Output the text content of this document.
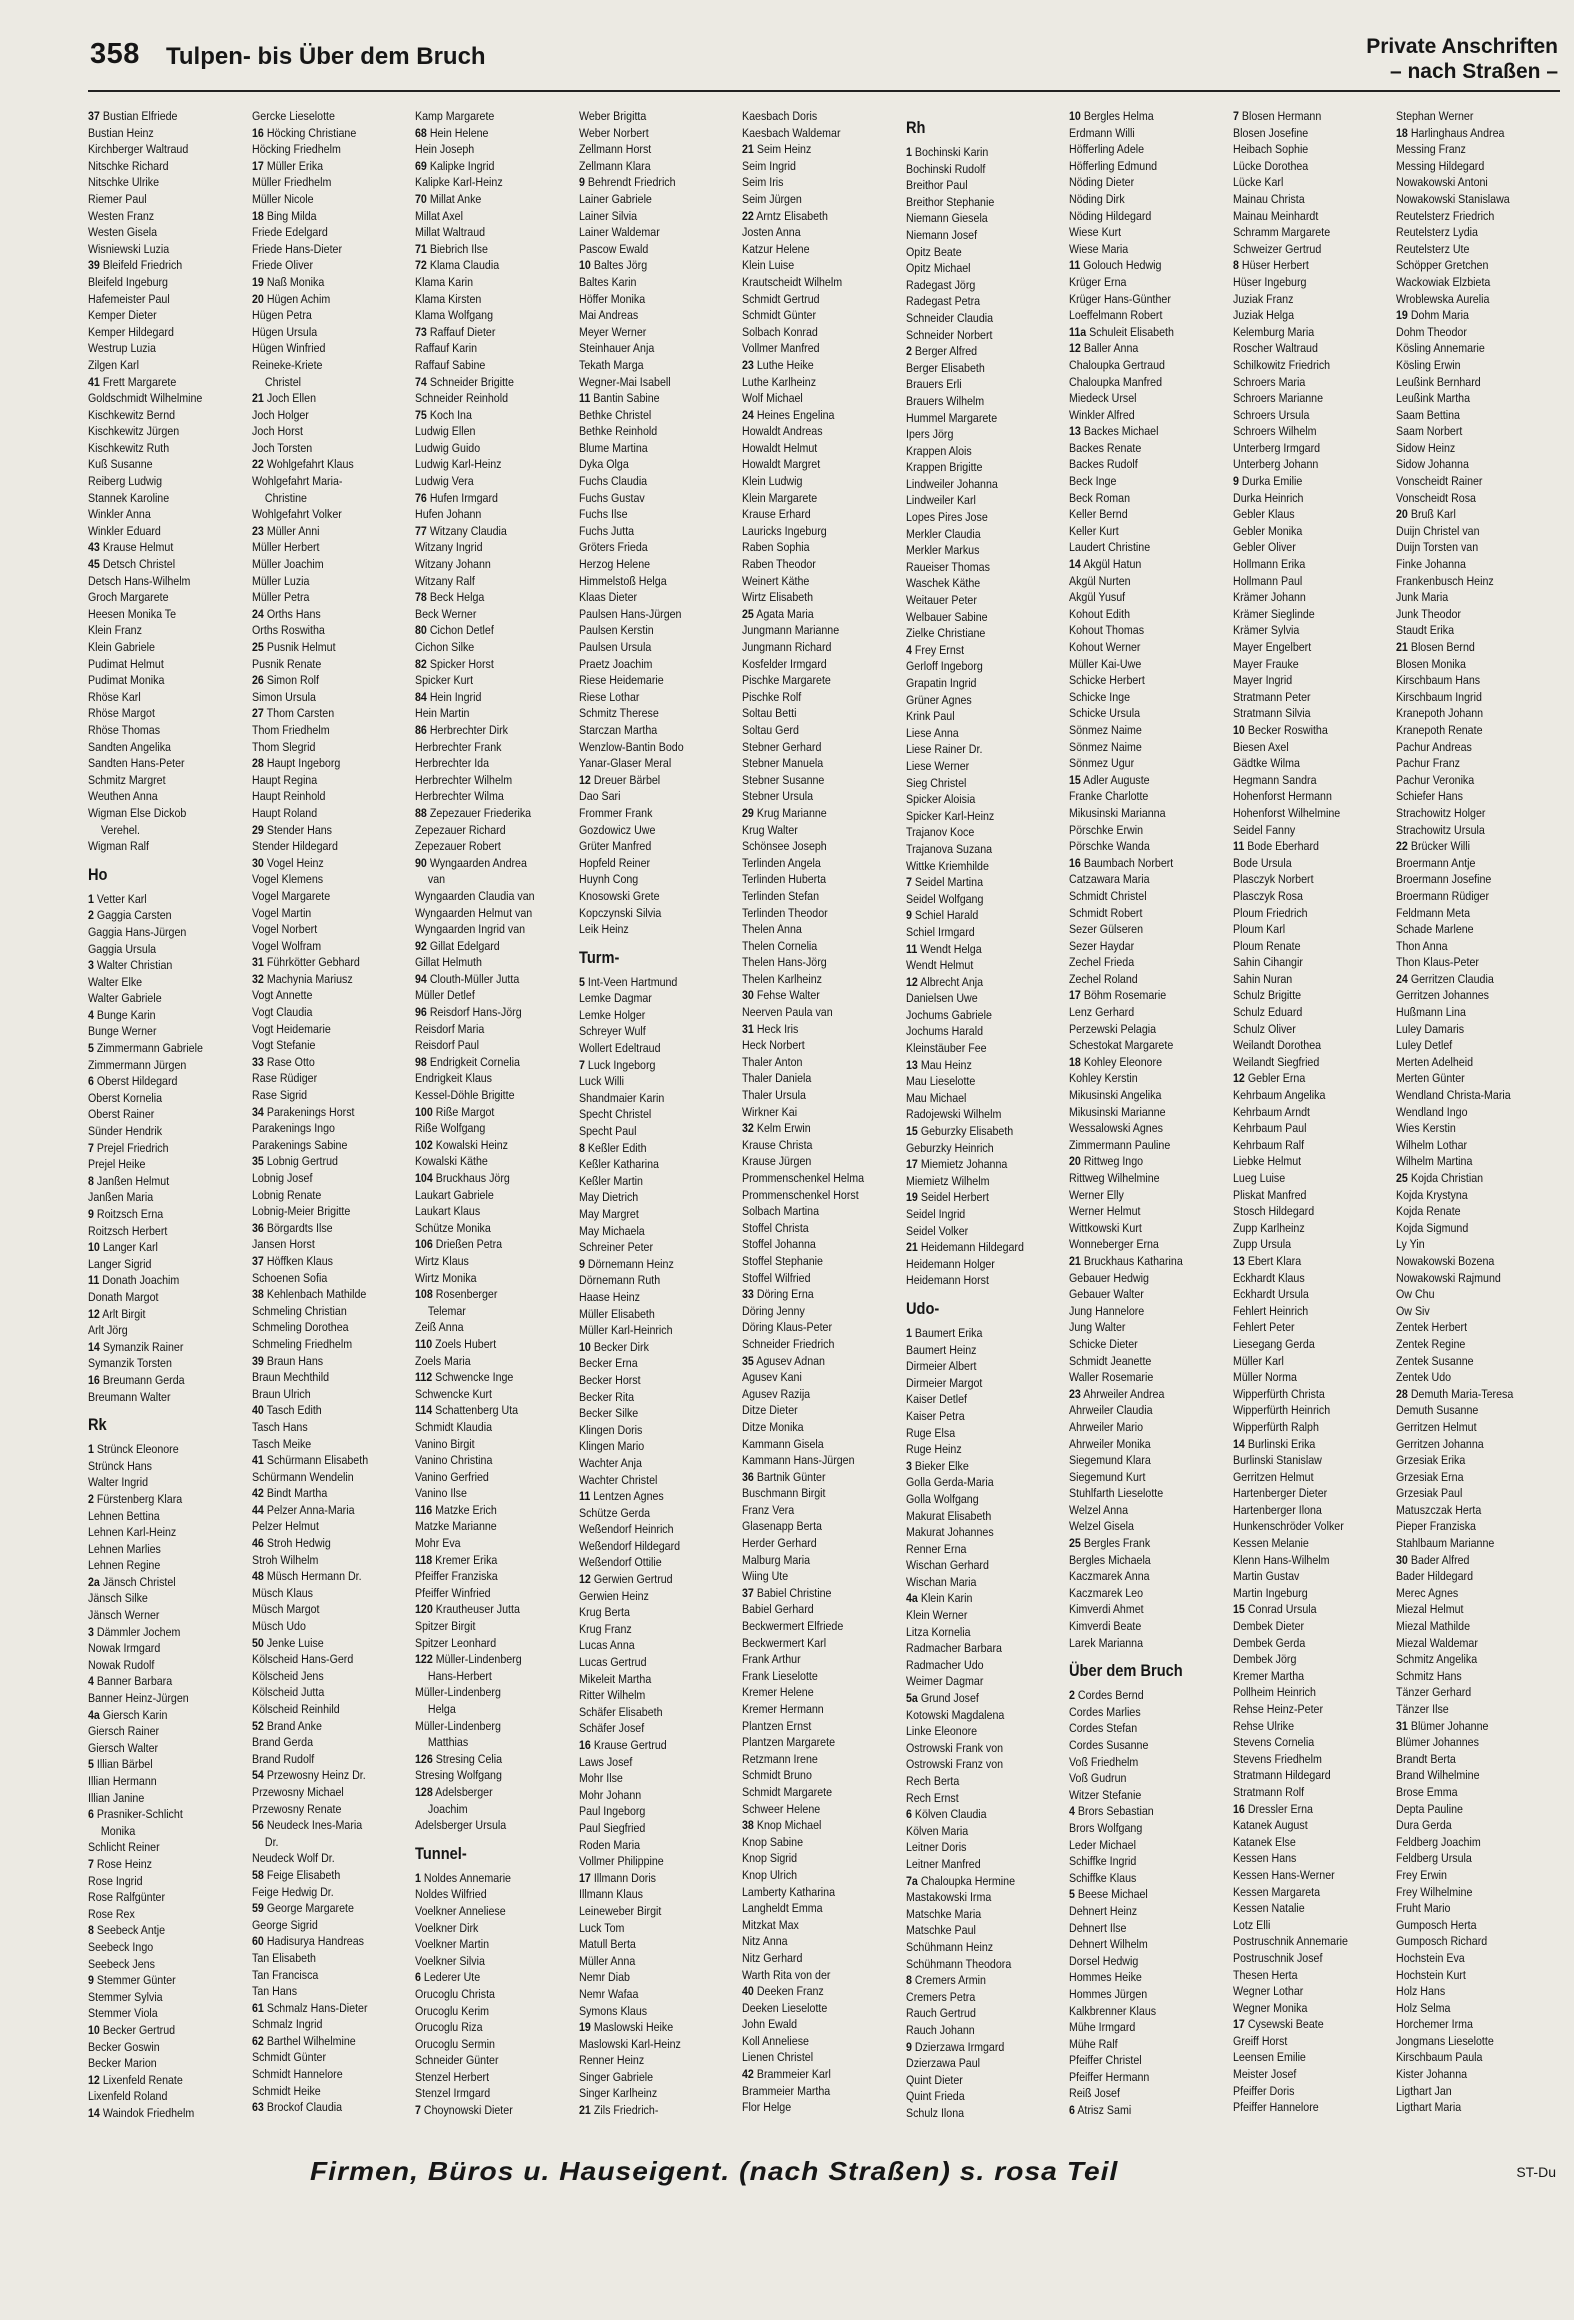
358 Tulpen- bis Über dem Bruch	Private Anschriften
– nach Straßen –
37 Bustian Elfriede
Bustian Heinz
Kirchberger Waltraud
Nitschke Richard
Nitschke Ulrike
Riemer Paul
Westen Franz
Westen Gisela
Wisniewski Luzia
39 Bleifeld Friedrich
Bleifeld Ingeburg
Hafemeister Paul
Kemper Dieter
Kemper Hildegard
Westrup Luzia
Zilgen Karl
41 Frett Margarete
Goldschmidt Wilhelmine
Kischkewitz Bernd
Kischkewitz Jürgen
Kischkewitz Ruth
Kuß Susanne
Reiberg Ludwig
Stannek Karoline
Winkler Anna
Winkler Eduard
43 Krause Helmut
45 Detsch Christel
Detsch Hans-Wilhelm
Groch Margarete
Heesen Monika Te
Klein Franz
Klein Gabriele
Pudimat Helmut
Pudimat Monika
Rhöse Karl
Rhöse Margot
Rhöse Thomas
Sandten Angelika
Sandten Hans-Peter
Schmitz Margret
Weuthen Anna
Wigman Else Dickob
Verehel.
Wigman Ralf
Ho
1 Vetter Karl
2 Gaggia Carsten
Gaggia Hans-Jürgen
Gaggia Ursula
3 Walter Christian
Walter Elke
Walter Gabriele
4 Bunge Karin
Bunge Werner
5 Zimmermann Gabriele
Zimmermann Jürgen
6 Oberst Hildegard
Oberst Kornelia
Oberst Rainer
Sünder Hendrik
7 Prejel Friedrich
Prejel Heike
8 Janßen Helmut
Janßen Maria
9 Roitzsch Erna
Roitzsch Herbert
10 Langer Karl
Langer Sigrid
11 Donath Joachim
Donath Margot
12 Arlt Birgit
Arlt Jörg
14 Symanzik Rainer
Symanzik Torsten
16 Breumann Gerda
Breumann Walter
Rk
1 Strünck Eleonore
Strünck Hans
Walter Ingrid
2 Fürstenberg Klara
Lehnen Bettina
Lehnen Karl-Heinz
Lehnen Marlies
Lehnen Regine
2a Jänsch Christel
Jänsch Silke
Jänsch Werner
3 Dämmler Jochem
Nowak Irmgard
Nowak Rudolf
4 Banner Barbara
Banner Heinz-Jürgen
4a Giersch Karin
Giersch Rainer
Giersch Walter
5 Illian Bärbel
Illian Hermann
Illian Janine
6 Prasniker-Schlicht
Monika
Schlicht Reiner
7 Rose Heinz
Rose Ingrid
Rose Ralfgünter
Rose Rex
8 Seebeck Antje
Seebeck Ingo
Seebeck Jens
9 Stemmer Günter
Stemmer Sylvia
Stemmer Viola
10 Becker Gertrud
Becker Goswin
Becker Marion
12 Lixenfeld Renate
Lixenfeld Roland
14 Waindok Friedhelm
Gercke Lieselotte
16 Höcking Christiane
Höcking Friedhelm
17 Müller Erika
Müller Friedhelm
Müller Nicole
18 Bing Milda
Friede Edelgard
Friede Hans-Dieter
Friede Oliver
19 Naß Monika
20 Hügen Achim
Hügen Petra
Hügen Ursula
Hügen Winfried
Reineke-Kriete
Christel
21 Joch Ellen
Joch Holger
Joch Horst
Joch Torsten
22 Wohlgefahrt Klaus
Wohlgefahrt Maria-
Christine
Wohlgefahrt Volker
23 Müller Anni
Müller Herbert
Müller Joachim
Müller Luzia
Müller Petra
24 Orths Hans
Orths Roswitha
25 Pusnik Helmut
Pusnik Renate
26 Simon Rolf
Simon Ursula
27 Thom Carsten
Thom Friedhelm
Thom Slegrid
28 Haupt Ingeborg
Haupt Regina
Haupt Reinhold
Haupt Roland
29 Stender Hans
Stender Hildegard
30 Vogel Heinz
Vogel Klemens
Vogel Margarete
Vogel Martin
Vogel Norbert
Vogel Wolfram
31 Führkötter Gebhard
32 Machynia Mariusz
Vogt Annette
Vogt Claudia
Vogt Heidemarie
Vogt Stefanie
33 Rase Otto
Rase Rüdiger
Rase Sigrid
34 Parakenings Horst
Parakenings Ingo
Parakenings Sabine
35 Lobnig Gertrud
Lobnig Josef
Lobnig Renate
Lobnig-Meier Brigitte
36 Börgardts Ilse
Jansen Horst
37 Höffken Klaus
Schoenen Sofia
38 Kehlenbach Mathilde
Schmeling Christian
Schmeling Dorothea
Schmeling Friedhelm
39 Braun Hans
Braun Mechthild
Braun Ulrich
40 Tasch Edith
Tasch Hans
Tasch Meike
41 Schürmann Elisabeth
Schürmann Wendelin
42 Bindt Martha
44 Pelzer Anna-Maria
Pelzer Helmut
46 Stroh Hedwig
Stroh Wilhelm
48 Müsch Hermann Dr.
Müsch Klaus
Müsch Margot
Müsch Udo
50 Jenke Luise
Kölscheid Hans-Gerd
Kölscheid Jens
Kölscheid Jutta
Kölscheid Reinhild
52 Brand Anke
Brand Gerda
Brand Rudolf
54 Przewosny Heinz Dr.
Przewosny Michael
Przewosny Renate
56 Neudeck Ines-Maria
Dr.
Neudeck Wolf Dr.
58 Feige Elisabeth
Feige Hedwig Dr.
59 George Margarete
George Sigrid
60 Hadisurya Handreas
Tan Elisabeth
Tan Francisca
Tan Hans
61 Schmalz Hans-Dieter
Schmalz Ingrid
62 Barthel Wilhelmine
Schmidt Günter
Schmidt Hannelore
Schmidt Heike
63 Brockof Claudia
Kamp Margarete
68 Hein Helene
Hein Joseph
69 Kalipke Ingrid
Kalipke Karl-Heinz
70 Millat Anke
Millat Axel
Millat Waltraud
71 Biebrich Ilse
72 Klama Claudia
Klama Karin
Klama Kirsten
Klama Wolfgang
73 Raffauf Dieter
Raffauf Karin
Raffauf Sabine
74 Schneider Brigitte
Schneider Reinhold
75 Koch Ina
Ludwig Ellen
Ludwig Guido
Ludwig Karl-Heinz
Ludwig Vera
76 Hufen Irmgard
Hufen Johann
77 Witzany Claudia
Witzany Ingrid
Witzany Johann
Witzany Ralf
78 Beck Helga
Beck Werner
80 Cichon Detlef
Cichon Silke
82 Spicker Horst
Spicker Kurt
84 Hein Ingrid
Hein Martin
86 Herbrechter Dirk
Herbrechter Frank
Herbrechter Ida
Herbrechter Wilhelm
Herbrechter Wilma
88 Zepezauer Friederika
Zepezauer Richard
Zepezauer Robert
90 Wyngaarden Andrea
van
Wyngaarden Claudia van
Wyngaarden Helmut van
Wyngaarden Ingrid van
92 Gillat Edelgard
Gillat Helmuth
94 Clouth-Müller Jutta
Müller Detlef
96 Reisdorf Hans-Jörg
Reisdorf Maria
Reisdorf Paul
98 Endrigkeit Cornelia
Endrigkeit Klaus
Kessel-Döhle Brigitte
100 Riße Margot
Riße Wolfgang
102 Kowalski Heinz
Kowalski Käthe
104 Bruckhaus Jörg
Laukart Gabriele
Laukart Klaus
Schütze Monika
106 Drießen Petra
Wirtz Klaus
Wirtz Monika
108 Rosenberger
Telemar
Zeiß Anna
110 Zoels Hubert
Zoels Maria
112 Schwencke Inge
Schwencke Kurt
114 Schattenberg Uta
Schmidt Klaudia
Vanino Birgit
Vanino Christina
Vanino Gerfried
Vanino Ilse
116 Matzke Erich
Matzke Marianne
Mohr Eva
118 Kremer Erika
Pfeiffer Franziska
Pfeiffer Winfried
120 Krautheuser Jutta
Spitzer Birgit
Spitzer Leonhard
122 Müller-Lindenberg
Hans-Herbert
Müller-Lindenberg
Helga
Müller-Lindenberg
Matthias
126 Stresing Celia
Stresing Wolfgang
128 Adelsberger
Joachim
Adelsberger Ursula
Tunnel-
1 Noldes Annemarie
Noldes Wilfried
Voelkner Anneliese
Voelkner Dirk
Voelkner Martin
Voelkner Silvia
6 Lederer Ute
Orucoglu Christa
Orucoglu Kerim
Orucoglu Riza
Orucoglu Sermin
Schneider Günter
Stenzel Herbert
Stenzel Irmgard
7 Choynowski Dieter
Weber Brigitta
Weber Norbert
Zellmann Horst
Zellmann Klara
9 Behrendt Friedrich
Lainer Gabriele
Lainer Silvia
Lainer Waldemar
Pascow Ewald
10 Baltes Jörg
Baltes Karin
Höffer Monika
Mai Andreas
Meyer Werner
Steinhauer Anja
Tekath Marga
Wegner-Mai Isabell
11 Bantin Sabine
Bethke Christel
Bethke Reinhold
Blume Martina
Dyka Olga
Fuchs Claudia
Fuchs Gustav
Fuchs Ilse
Fuchs Jutta
Gröters Frieda
Herzog Helene
Himmelstoß Helga
Klaas Dieter
Paulsen Hans-Jürgen
Paulsen Kerstin
Paulsen Ursula
Praetz Joachim
Riese Heidemarie
Riese Lothar
Schmitz Therese
Starczan Martha
Wenzlow-Bantin Bodo
Yanar-Glaser Meral
12 Dreuer Bärbel
Dao Sari
Frommer Frank
Gozdowicz Uwe
Grüter Manfred
Hopfeld Reiner
Huynh Cong
Knosowski Grete
Kopczynski Silvia
Leik Heinz
Turm-
5 Int-Veen Hartmund
Lemke Dagmar
Lemke Holger
Schreyer Wulf
Wollert Edeltraud
7 Luck Ingeborg
Luck Willi
Shandmaier Karin
Specht Christel
Specht Paul
8 Keßler Edith
Keßler Katharina
Keßler Martin
May Dietrich
May Margret
May Michaela
Schreiner Peter
9 Dörnemann Heinz
Dörnemann Ruth
Haase Heinz
Müller Elisabeth
Müller Karl-Heinrich
10 Becker Dirk
Becker Erna
Becker Horst
Becker Rita
Becker Silke
Klingen Doris
Klingen Mario
Wachter Anja
Wachter Christel
11 Lentzen Agnes
Schütze Gerda
Weßendorf Heinrich
Weßendorf Hildegard
Weßendorf Ottilie
12 Gerwien Gertrud
Gerwien Heinz
Krug Berta
Krug Franz
Lucas Anna
Lucas Gertrud
Mikeleit Martha
Ritter Wilhelm
Schäfer Elisabeth
Schäfer Josef
16 Krause Gertrud
Laws Josef
Mohr Ilse
Mohr Johann
Paul Ingeborg
Paul Siegfried
Roden Maria
Vollmer Philippine
17 Illmann Doris
Illmann Klaus
Leineweber Birgit
Luck Tom
Matull Berta
Müller Anna
Nemr Diab
Nemr Wafaa
Symons Klaus
19 Maslowski Heike
Maslowski Karl-Heinz
Renner Heinz
Singer Gabriele
Singer Karlheinz
21 Zils Friedrich-
Kaesbach Doris
Kaesbach Waldemar
21 Seim Heinz
Seim Ingrid
Seim Iris
Seim Jürgen
22 Arntz Elisabeth
Josten Anna
Katzur Helene
Klein Luise
Krautscheidt Wilhelm
Schmidt Gertrud
Schmidt Günter
Solbach Konrad
Vollmer Manfred
23 Luthe Heike
Luthe Karlheinz
Wolf Michael
24 Heines Engelina
Howaldt Andreas
Howaldt Helmut
Howaldt Margret
Klein Ludwig
Klein Margarete
Krause Erhard
Lauricks Ingeburg
Raben Sophia
Raben Theodor
Weinert Käthe
Wirtz Elisabeth
25 Agata Maria
Jungmann Marianne
Jungmann Richard
Kosfelder Irmgard
Pischke Margarete
Pischke Rolf
Soltau Betti
Soltau Gerd
Stebner Gerhard
Stebner Manuela
Stebner Susanne
Stebner Ursula
29 Krug Marianne
Krug Walter
Schönsee Joseph
Terlinden Angela
Terlinden Huberta
Terlinden Stefan
Terlinden Theodor
Thelen Anna
Thelen Cornelia
Thelen Hans-Jörg
Thelen Karlheinz
30 Fehse Walter
Neerven Paula van
31 Heck Iris
Heck Norbert
Thaler Anton
Thaler Daniela
Thaler Ursula
Wirkner Kai
32 Kelm Erwin
Krause Christa
Krause Jürgen
Prommenschenkel Helma
Prommenschenkel Horst
Solbach Martina
Stoffel Christa
Stoffel Johanna
Stoffel Stephanie
Stoffel Wilfried
33 Döring Erna
Döring Jenny
Döring Klaus-Peter
Schneider Friedrich
35 Agusev Adnan
Agusev Kani
Agusev Razija
Ditze Dieter
Ditze Monika
Kammann Gisela
Kammann Hans-Jürgen
36 Bartnik Günter
Buschmann Birgit
Franz Vera
Glasenapp Berta
Herder Gerhard
Malburg Maria
Wiing Ute
37 Babiel Christine
Babiel Gerhard
Beckwermert Elfriede
Beckwermert Karl
Frank Arthur
Frank Lieselotte
Kremer Helene
Kremer Hermann
Plantzen Ernst
Plantzen Margarete
Retzmann Irene
Schmidt Bruno
Schmidt Margarete
Schweer Helene
38 Knop Michael
Knop Sabine
Knop Sigrid
Knop Ulrich
Lamberty Katharina
Langheldt Emma
Mitzkat Max
Nitz Anna
Nitz Gerhard
Warth Rita von der
40 Deeken Franz
Deeken Lieselotte
John Ewald
Koll Anneliese
Lienen Christel
42 Brammeier Karl
Brammeier Martha
Flor Helge
Rh
1 Bochinski Karin
Bochinski Rudolf
Breithor Paul
Breithor Stephanie
Niemann Giesela
Niemann Josef
Opitz Beate
Opitz Michael
Radegast Jörg
Radegast Petra
Schneider Claudia
Schneider Norbert
2 Berger Alfred
Berger Elisabeth
Brauers Erli
Brauers Wilhelm
Hummel Margarete
Ipers Jörg
Krappen Alois
Krappen Brigitte
Lindweiler Johanna
Lindweiler Karl
Lopes Pires Jose
Merkler Claudia
Merkler Markus
Raueiser Thomas
Waschek Käthe
Weitauer Peter
Welbauer Sabine
Zielke Christiane
4 Frey Ernst
Gerloff Ingeborg
Grapatin Ingrid
Grüner Agnes
Krink Paul
Liese Anna
Liese Rainer Dr.
Liese Werner
Sieg Christel
Spicker Aloisia
Spicker Karl-Heinz
Trajanov Koce
Trajanova Suzana
Wittke Kriemhilde
7 Seidel Martina
Seidel Wolfgang
9 Schiel Harald
Schiel Irmgard
11 Wendt Helga
Wendt Helmut
12 Albrecht Anja
Danielsen Uwe
Jochums Gabriele
Jochums Harald
Kleinstäuber Fee
13 Mau Heinz
Mau Lieselotte
Mau Michael
Radojewski Wilhelm
15 Geburzky Elisabeth
Geburzky Heinrich
17 Miemietz Johanna
Miemietz Wilhelm
19 Seidel Herbert
Seidel Ingrid
Seidel Volker
21 Heidemann Hildegard
Heidemann Holger
Heidemann Horst
Udo-
1 Baumert Erika
Baumert Heinz
Dirmeier Albert
Dirmeier Margot
Kaiser Detlef
Kaiser Petra
Ruge Elsa
Ruge Heinz
3 Bieker Elke
Golla Gerda-Maria
Golla Wolfgang
Makurat Elisabeth
Makurat Johannes
Renner Erna
Wischan Gerhard
Wischan Maria
4a Klein Karin
Klein Werner
Litza Kornelia
Radmacher Barbara
Radmacher Udo
Weimer Dagmar
5a Grund Josef
Kotowski Magdalena
Linke Eleonore
Ostrowski Frank von
Ostrowski Franz von
Rech Berta
Rech Ernst
6 Kölven Claudia
Kölven Maria
Leitner Doris
Leitner Manfred
7a Chaloupka Hermine
Mastakowski Irma
Matschke Maria
Matschke Paul
Schühmann Heinz
Schühmann Theodora
8 Cremers Armin
Cremers Petra
Rauch Gertrud
Rauch Johann
9 Dzierzawa Irmgard
Dzierzawa Paul
Quint Dieter
Quint Frieda
Schulz Ilona
10 Bergles Helma
Erdmann Willi
Höfferling Adele
Höfferling Edmund
Nöding Dieter
Nöding Dirk
Nöding Hildegard
Wiese Kurt
Wiese Maria
11 Golouch Hedwig
Krüger Erna
Krüger Hans-Günther
Loeffelmann Robert
11a Schuleit Elisabeth
12 Baller Anna
Chaloupka Gertraud
Chaloupka Manfred
Miedeck Ursel
Winkler Alfred
13 Backes Michael
Backes Renate
Backes Rudolf
Beck Inge
Beck Roman
Keller Bernd
Keller Kurt
Laudert Christine
14 Akgül Hatun
Akgül Nurten
Akgül Yusuf
Kohout Edith
Kohout Thomas
Kohout Werner
Müller Kai-Uwe
Schicke Herbert
Schicke Inge
Schicke Ursula
Sönmez Naime
Sönmez Naime
Sönmez Ugur
15 Adler Auguste
Franke Charlotte
Mikusinski Marianna
Pörschke Erwin
Pörschke Wanda
16 Baumbach Norbert
Catzawara Maria
Schmidt Christel
Schmidt Robert
Sezer Gülseren
Sezer Haydar
Zechel Frieda
Zechel Roland
17 Böhm Rosemarie
Lenz Gerhard
Perzewski Pelagia
Schestokat Margarete
18 Kohley Eleonore
Kohley Kerstin
Mikusinski Angelika
Mikusinski Marianne
Wessalowski Agnes
Zimmermann Pauline
20 Rittweg Ingo
Rittweg Wilhelmine
Werner Elly
Werner Helmut
Wittkowski Kurt
Wonneberger Erna
21 Bruckhaus Katharina
Gebauer Hedwig
Gebauer Walter
Jung Hannelore
Jung Walter
Schicke Dieter
Schmidt Jeanette
Waller Rosemarie
23 Ahrweiler Andrea
Ahrweiler Claudia
Ahrweiler Mario
Ahrweiler Monika
Siegemund Klara
Siegemund Kurt
Stuhlfarth Lieselotte
Welzel Anna
Welzel Gisela
25 Bergles Frank
Bergles Michaela
Kaczmarek Anna
Kaczmarek Leo
Kimverdi Ahmet
Kimverdi Beate
Larek Marianna
Über dem Bruch
2 Cordes Bernd
Cordes Marlies
Cordes Stefan
Cordes Susanne
Voß Friedhelm
Voß Gudrun
Witzer Stefanie
4 Brors Sebastian
Brors Wolfgang
Leder Michael
Schiffke Ingrid
Schiffke Klaus
5 Beese Michael
Dehnert Heinz
Dehnert Ilse
Dehnert Wilhelm
Dorsel Hedwig
Hommes Heike
Hommes Jürgen
Kalkbrenner Klaus
Mühe Irmgard
Mühe Ralf
Pfeiffer Christel
Pfeiffer Hermann
Reiß Josef
6 Atrisz Sami
7 Blosen Hermann
Blosen Josefine
Heibach Sophie
Lücke Dorothea
Lücke Karl
Mainau Christa
Mainau Meinhardt
Schramm Margarete
Schweizer Gertrud
8 Hüser Herbert
Hüser Ingeburg
Juziak Franz
Juziak Helga
Kelemburg Maria
Roscher Waltraud
Schilkowitz Friedrich
Schroers Maria
Schroers Marianne
Schroers Ursula
Schroers Wilhelm
Unterberg Irmgard
Unterberg Johann
9 Durka Emilie
Durka Heinrich
Gebler Klaus
Gebler Monika
Gebler Oliver
Hollmann Erika
Hollmann Paul
Krämer Johann
Krämer Sieglinde
Krämer Sylvia
Mayer Engelbert
Mayer Frauke
Mayer Ingrid
Stratmann Peter
Stratmann Silvia
10 Becker Roswitha
Biesen Axel
Gädtke Wilma
Hegmann Sandra
Hohenforst Hermann
Hohenforst Wilhelmine
Seidel Fanny
11 Bode Eberhard
Bode Ursula
Plasczyk Norbert
Plasczyk Rosa
Ploum Friedrich
Ploum Karl
Ploum Renate
Sahin Cihangir
Sahin Nuran
Schulz Brigitte
Schulz Eduard
Schulz Oliver
Weilandt Dorothea
Weilandt Siegfried
12 Gebler Erna
Kehrbaum Angelika
Kehrbaum Arndt
Kehrbaum Paul
Kehrbaum Ralf
Liebke Helmut
Lueg Luise
Pliskat Manfred
Stosch Hildegard
Zupp Karlheinz
Zupp Ursula
13 Ebert Klara
Eckhardt Klaus
Eckhardt Ursula
Fehlert Heinrich
Fehlert Peter
Liesegang Gerda
Müller Karl
Müller Norma
Wipperfürth Christa
Wipperfürth Heinrich
Wipperfürth Ralph
14 Burlinski Erika
Burlinski Stanislaw
Gerritzen Helmut
Hartenberger Dieter
Hartenberger Ilona
Hunkenschröder Volker
Kessen Melanie
Klenn Hans-Wilhelm
Martin Gustav
Martin Ingeburg
15 Conrad Ursula
Dembek Dieter
Dembek Gerda
Dembek Jörg
Kremer Martha
Pollheim Heinrich
Rehse Heinz-Peter
Rehse Ulrike
Stevens Cornelia
Stevens Friedhelm
Stratmann Hildegard
Stratmann Rolf
16 Dressler Erna
Katanek August
Katanek Else
Kessen Hans
Kessen Hans-Werner
Kessen Margareta
Kessen Natalie
Lotz Elli
Postruschnik Annemarie
Postruschnik Josef
Thesen Herta
Wegner Lothar
Wegner Monika
17 Cysewski Beate
Greiff Horst
Leensen Emilie
Meister Josef
Pfeiffer Doris
Pfeiffer Hannelore
Stephan Werner
18 Harlinghaus Andrea
Messing Franz
Messing Hildegard
Nowakowski Antoni
Nowakowski Stanislawa
Reutelsterz Friedrich
Reutelsterz Lydia
Reutelsterz Ute
Schöpper Gretchen
Wackowiak Elzbieta
Wroblewska Aurelia
19 Dohm Maria
Dohm Theodor
Kösling Annemarie
Kösling Erwin
Leußink Bernhard
Leußink Martha
Saam Bettina
Saam Norbert
Sidow Heinz
Sidow Johanna
Vonscheidt Rainer
Vonscheidt Rosa
20 Bruß Karl
Duijn Christel van
Duijn Torsten van
Finke Johanna
Frankenbusch Heinz
Junk Maria
Junk Theodor
Staudt Erika
21 Blosen Bernd
Blosen Monika
Kirschbaum Hans
Kirschbaum Ingrid
Kranepoth Johann
Kranepoth Renate
Pachur Andreas
Pachur Franz
Pachur Veronika
Schiefer Hans
Strachowitz Holger
Strachowitz Ursula
22 Brücker Willi
Broermann Antje
Broermann Josefine
Broermann Rüdiger
Feldmann Meta
Schade Marlene
Thon Anna
Thon Klaus-Peter
24 Gerritzen Claudia
Gerritzen Johannes
Hußmann Lina
Luley Damaris
Luley Detlef
Merten Adelheid
Merten Günter
Wendland Christa-Maria
Wendland Ingo
Wies Kerstin
Wilhelm Lothar
Wilhelm Martina
25 Kojda Christian
Kojda Krystyna
Kojda Renate
Kojda Sigmund
Ly Yin
Nowakowski Bozena
Nowakowski Rajmund
Ow Chu
Ow Siv
Zentek Herbert
Zentek Regine
Zentek Susanne
Zentek Udo
28 Demuth Maria-Teresa
Demuth Susanne
Gerritzen Helmut
Gerritzen Johanna
Grzesiak Erika
Grzesiak Erna
Grzesiak Paul
Matuszczak Herta
Pieper Franziska
Stahlbaum Marianne
30 Bader Alfred
Bader Hildegard
Merec Agnes
Miezal Helmut
Miezal Mathilde
Miezal Waldemar
Schmitz Angelika
Schmitz Hans
Tänzer Gerhard
Tänzer Ilse
31 Blümer Johanne
Blümer Johannes
Brandt Berta
Brand Wilhelmine
Brose Emma
Depta Pauline
Dura Gerda
Feldberg Joachim
Feldberg Ursula
Frey Erwin
Frey Wilhelmine
Fruht Mario
Gumposch Herta
Gumposch Richard
Hochstein Eva
Hochstein Kurt
Holz Hans
Holz Selma
Horchemer Irma
Jongmans Lieselotte
Kirschbaum Paula
Kister Johanna
Ligthart Jan
Ligthart Maria
Firmen, Büros u. Hauseigent. (nach Straßen) s. rosa Teil	ST-Du
